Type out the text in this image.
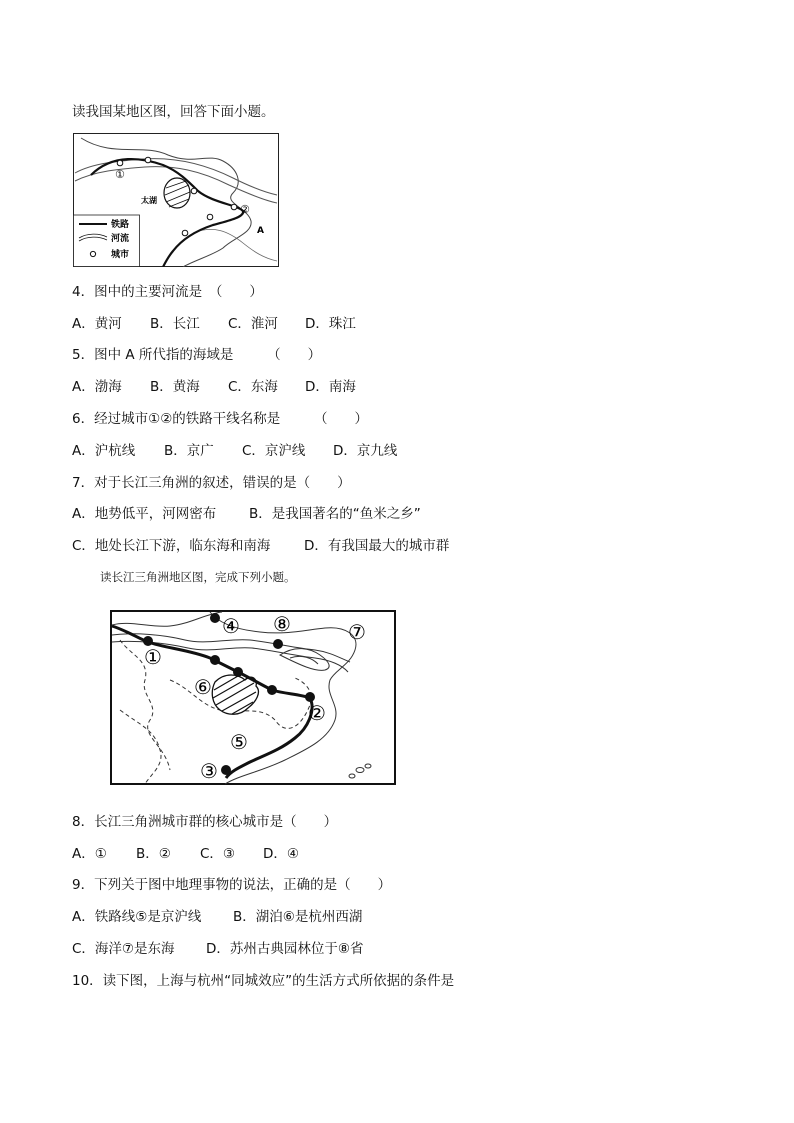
读我国某地区图，回答下面小题。
①
②
太湖
A
铁路
河流
城市
4．图中的主要河流是　（　　）
A．黄河 B．长江 C．淮河 D．珠江
5．图中 A 所代指的海域是　　　（　　）
A．渤海 B．黄海 C．东海 D．南海
6．经过城市①②的铁路干线名称是　　　（　　）
A．沪杭线 B．京广 C．京沪线 D．京九线
7．对于长江三角洲的叙述，错误的是（　　）
A．地势低平，河网密布 B．是我国著名的“鱼米之乡”
C．地处长江下游，临东海和南海 D．有我国最大的城市群
读长江三角洲地区图，完成下列小题。
①
②
③
④
⑤
⑥
⑦
⑧
8．长江三角洲城市群的核心城市是（　　）
A．① B．② C．③ D．④
9．下列关于图中地理事物的说法，正确的是（　　）
A．铁路线⑤是京沪线 B．湖泊⑥是杭州西湖
C．海洋⑦是东海 D．苏州古典园林位于⑧省
10．读下图，上海与杭州“同城效应”的生活方式所依据的条件是
